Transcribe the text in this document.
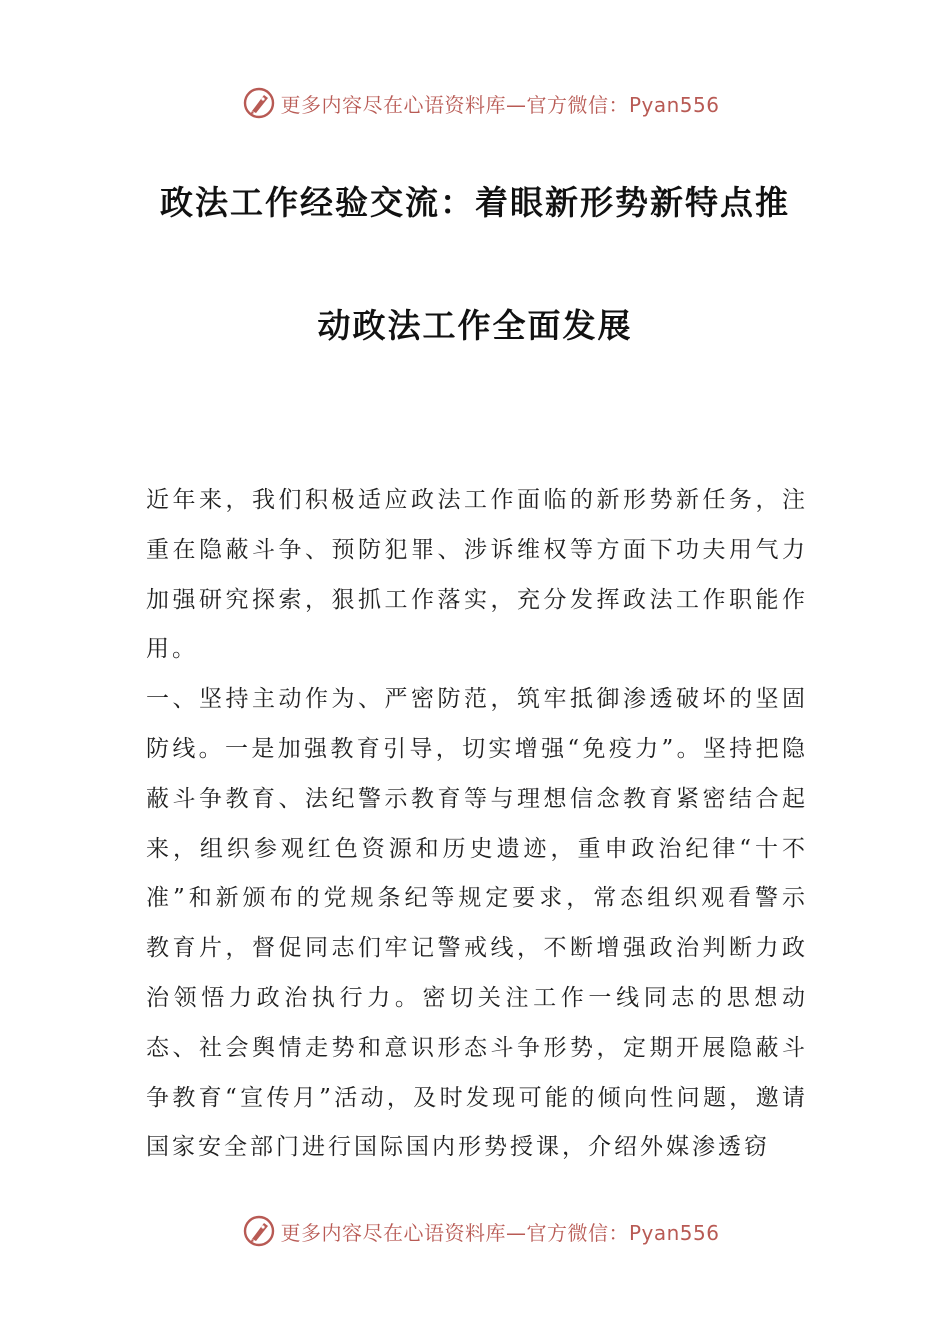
更多内容尽在心语资料库—官方微信：Pyan556
政法工作经验交流：着眼新形势新特点推
动政法工作全面发展

近年来，我们积极适应政法工作面临的新形势新任务，注重在隐蔽斗争、预防犯罪、涉诉维权等方面下功夫用气力加强研究探索，狠抓工作落实，充分发挥政法工作职能作用。

一、坚持主动作为、严密防范，筑牢抵御渗透破坏的坚固防线。一是加强教育引导，切实增强“免疫力”。坚持把隐蔽斗争教育、法纪警示教育等与理想信念教育紧密结合起来，组织参观红色资源和历史遗迹，重申政治纪律“十不准”和新颁布的党规条纪等规定要求，常态组织观看警示教育片，督促同志们牢记警戒线，不断增强政治判断力政治领悟力政治执行力。密切关注工作一线同志的思想动态、社会舆情走势和意识形态斗争形势，定期开展隐蔽斗争教育“宣传月”活动，及时发现可能的倾向性问题，邀请国家安全部门进行国际国内形势授课，介绍外媒渗透窃

更多内容尽在心语资料库—官方微信：Pyan556
